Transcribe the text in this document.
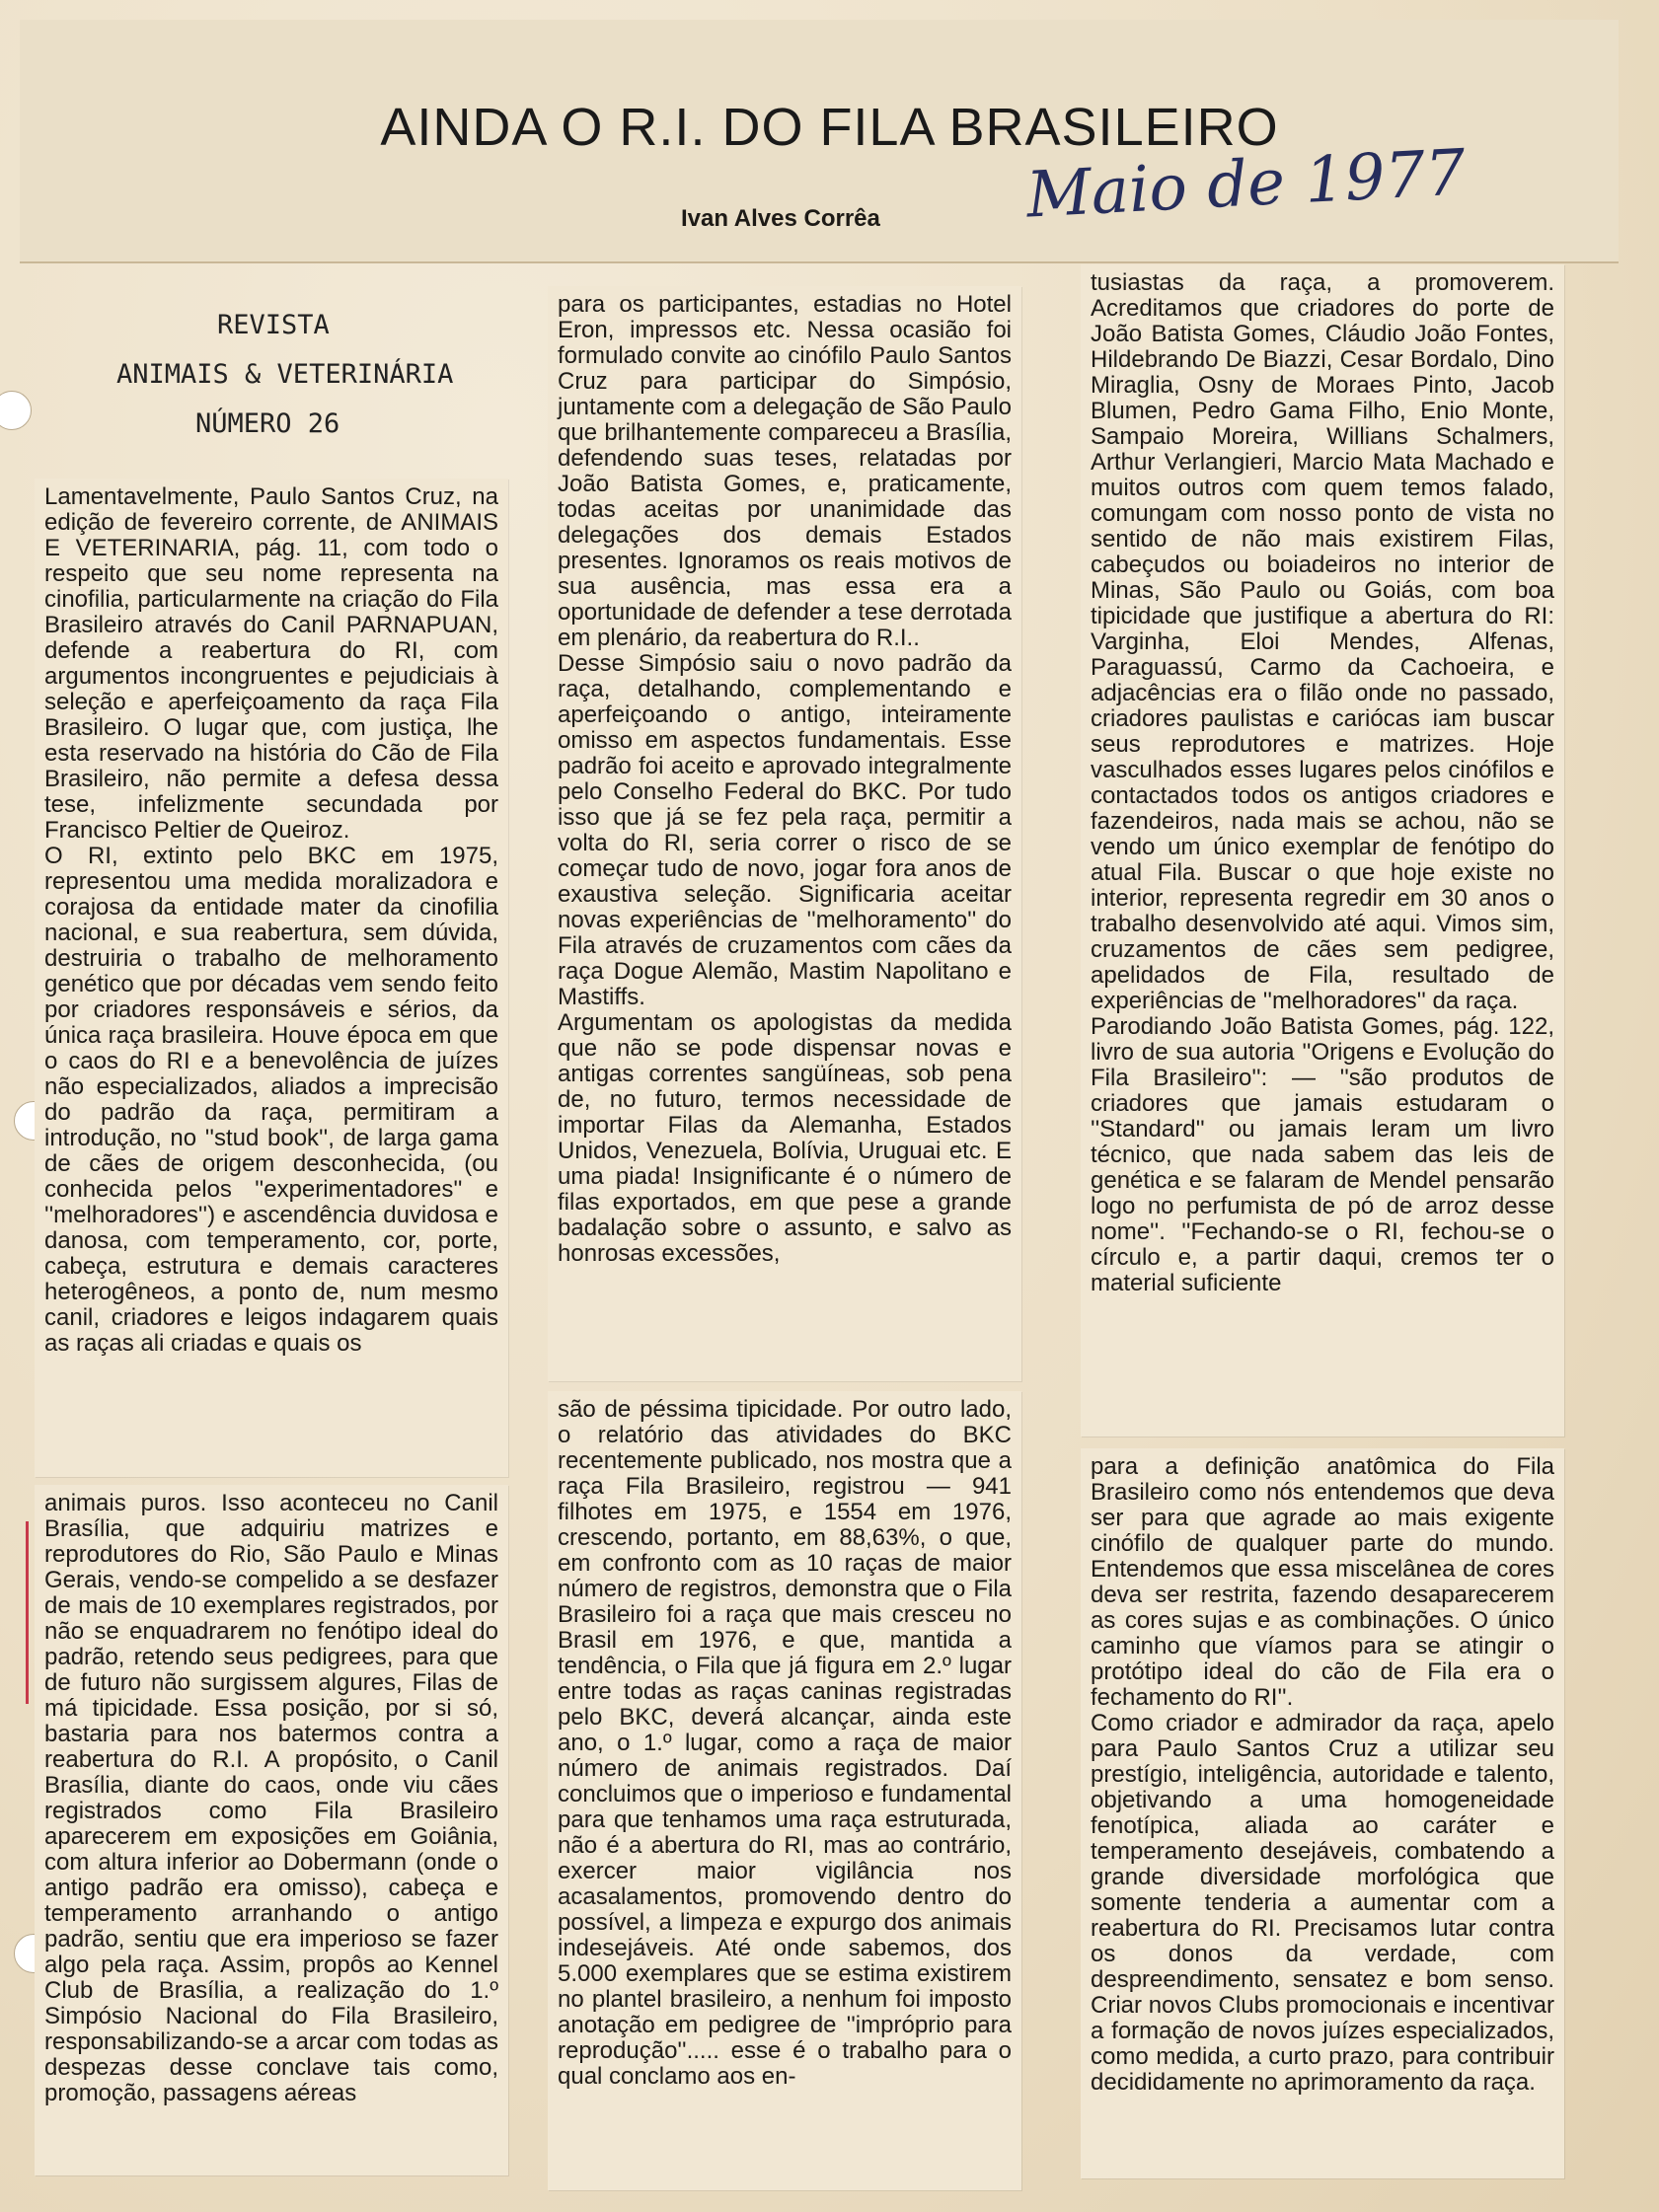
AINDA O R.I. DO FILA BRASILEIRO
Ivan Alves Corrêa Maio de 1977
REVISTA
ANIMAIS & VETERINÁRIA
NÚMERO 26

Lamentavelmente, Paulo Santos Cruz, na edição de fevereiro corrente, de ANIMAIS E VETERINARIA, pág. 11, com todo o respeito que seu nome representa na cinofilia, particularmente na criação do Fila Brasileiro através do Canil PARNAPUAN, defende a reabertura do RI, com argumentos incongruentes e pejudiciais à seleção e aperfeiçoamento da raça Fila Brasileiro. O lugar que, com justiça, lhe esta reservado na história do Cão de Fila Brasileiro, não permite a defesa dessa tese, infelizmente secundada por Francisco Peltier de Queiroz.
O RI, extinto pelo BKC em 1975, representou uma medida moralizadora e corajosa da entidade mater da cinofilia nacional, e sua reabertura, sem dúvida, destruiria o trabalho de melhoramento genético que por décadas vem sendo feito por criadores responsáveis e sérios, da única raça brasileira. Houve época em que o caos do RI e a benevolência de juízes não especializados, aliados a imprecisão do padrão da raça, permitiram a introdução, no ''stud book'', de larga gama de cães de origem desconhecida, (ou conhecida pelos ''experimentadores'' e ''melhoradores'') e ascendência duvidosa e danosa, com temperamento, cor, porte, cabeça, estrutura e demais caracteres heterogêneos, a ponto de, num mesmo canil, criadores e leigos indagarem quais as raças ali criadas e quais os

animais puros. Isso aconteceu no Canil Brasília, que adquiriu matrizes e reprodutores do Rio, São Paulo e Minas Gerais, vendo-se compelido a se desfazer de mais de 10 exemplares registrados, por não se enquadrarem no fenótipo ideal do padrão, retendo seus pedigrees, para que de futuro não surgissem algures, Filas de má tipicidade. Essa posição, por si só, bastaria para nos batermos contra a reabertura do R.I. A propósito, o Canil Brasília, diante do caos, onde viu cães registrados como Fila Brasileiro aparecerem em exposições em Goiânia, com altura inferior ao Dobermann (onde o antigo padrão era omisso), cabeça e temperamento arranhando o antigo padrão, sentiu que era imperioso se fazer algo pela raça. Assim, propôs ao Kennel Club de Brasília, a realização do 1.º Simpósio Nacional do Fila Brasileiro, responsabilizando-se a arcar com todas as despezas desse conclave tais como, promoção, passagens aéreas

para os participantes, estadias no Hotel Eron, impressos etc. Nessa ocasião foi formulado convite ao cinófilo Paulo Santos Cruz para participar do Simpósio, juntamente com a delegação de São Paulo que brilhantemente compareceu a Brasília, defendendo suas teses, relatadas por João Batista Gomes, e, praticamente, todas aceitas por unanimidade das delegações dos demais Estados presentes. Ignoramos os reais motivos de sua ausência, mas essa era a oportunidade de defender a tese derrotada em plenário, da reabertura do R.I..
Desse Simpósio saiu o novo padrão da raça, detalhando, complementando e aperfeiçoando o antigo, inteiramente omisso em aspectos fundamentais. Esse padrão foi aceito e aprovado integralmente pelo Conselho Federal do BKC. Por tudo isso que já se fez pela raça, permitir a volta do RI, seria correr o risco de se começar tudo de novo, jogar fora anos de exaustiva seleção. Significaria aceitar novas experiências de ''melhoramento'' do Fila através de cruzamentos com cães da raça Dogue Alemão, Mastim Napolitano e Mastiffs.
Argumentam os apologistas da medida que não se pode dispensar novas e antigas correntes sangüíneas, sob pena de, no futuro, termos necessidade de importar Filas da Alemanha, Estados Unidos, Venezuela, Bolívia, Uruguai etc. E uma piada! Insignificante é o número de filas exportados, em que pese a grande badalação sobre o assunto, e salvo as honrosas excessões,

são de péssima tipicidade. Por outro lado, o relatório das atividades do BKC recentemente publicado, nos mostra que a raça Fila Brasileiro, registrou — 941 filhotes em 1975, e 1554 em 1976, crescendo, portanto, em 88,63%, o que, em confronto com as 10 raças de maior número de registros, demonstra que o Fila Brasileiro foi a raça que mais cresceu no Brasil em 1976, e que, mantida a tendência, o Fila que já figura em 2.º lugar entre todas as raças caninas registradas pelo BKC, deverá alcançar, ainda este ano, o 1.º lugar, como a raça de maior número de animais registrados. Daí concluimos que o imperioso e fundamental para que tenhamos uma raça estruturada, não é a abertura do RI, mas ao contrário, exercer maior vigilância nos acasalamentos, promovendo dentro do possível, a limpeza e expurgo dos animais indesejáveis. Até onde sabemos, dos 5.000 exemplares que se estima existirem no plantel brasileiro, a nenhum foi imposto anotação em pedigree de ''impróprio para reprodução''..... esse é o trabalho para o qual conclamo aos en-

tusiastas da raça, a promoverem. Acreditamos que criadores do porte de João Batista Gomes, Cláudio João Fontes, Hildebrando De Biazzi, Cesar Bordalo, Dino Miraglia, Osny de Moraes Pinto, Jacob Blumen, Pedro Gama Filho, Enio Monte, Sampaio Moreira, Willians Schalmers, Arthur Verlangieri, Marcio Mata Machado e muitos outros com quem temos falado, comungam com nosso ponto de vista no sentido de não mais existirem Filas, cabeçudos ou boiadeiros no interior de Minas, São Paulo ou Goiás, com boa tipicidade que justifique a abertura do RI: Varginha, Eloi Mendes, Alfenas, Paraguassú, Carmo da Cachoeira, e adjacências era o filão onde no passado, criadores paulistas e cariócas iam buscar seus reprodutores e matrizes. Hoje vasculhados esses lugares pelos cinófilos e contactados todos os antigos criadores e fazendeiros, nada mais se achou, não se vendo um único exemplar de fenótipo do atual Fila. Buscar o que hoje existe no interior, representa regredir em 30 anos o trabalho desenvolvido até aqui. Vimos sim, cruzamentos de cães sem pedigree, apelidados de Fila, resultado de experiências de ''melhoradores'' da raça.
Parodiando João Batista Gomes, pág. 122, livro de sua autoria ''Origens e Evolução do Fila Brasileiro'': — ''são produtos de criadores que jamais estudaram o ''Standard'' ou jamais leram um livro técnico, que nada sabem das leis de genética e se falaram de Mendel pensarão logo no perfumista de pó de arroz desse nome''. ''Fechando-se o RI, fechou-se o círculo e, a partir daqui, cremos ter o material suficiente

para a definição anatômica do Fila Brasileiro como nós entendemos que deva ser para que agrade ao mais exigente cinófilo de qualquer parte do mundo. Entendemos que essa miscelânea de cores deva ser restrita, fazendo desaparecerem as cores sujas e as combinações. O único caminho que víamos para se atingir o protótipo ideal do cão de Fila era o fechamento do RI''.
Como criador e admirador da raça, apelo para Paulo Santos Cruz a utilizar seu prestígio, inteligência, autoridade e talento, objetivando a uma homogeneidade fenotípica, aliada ao caráter e temperamento desejáveis, combatendo a grande diversidade morfológica que somente tenderia a aumentar com a reabertura do RI. Precisamos lutar contra os donos da verdade, com despreendimento, sensatez e bom senso. Criar novos Clubs promocionais e incentivar a formação de novos juízes especializados, como medida, a curto prazo, para contribuir decididamente no aprimoramento da raça.
